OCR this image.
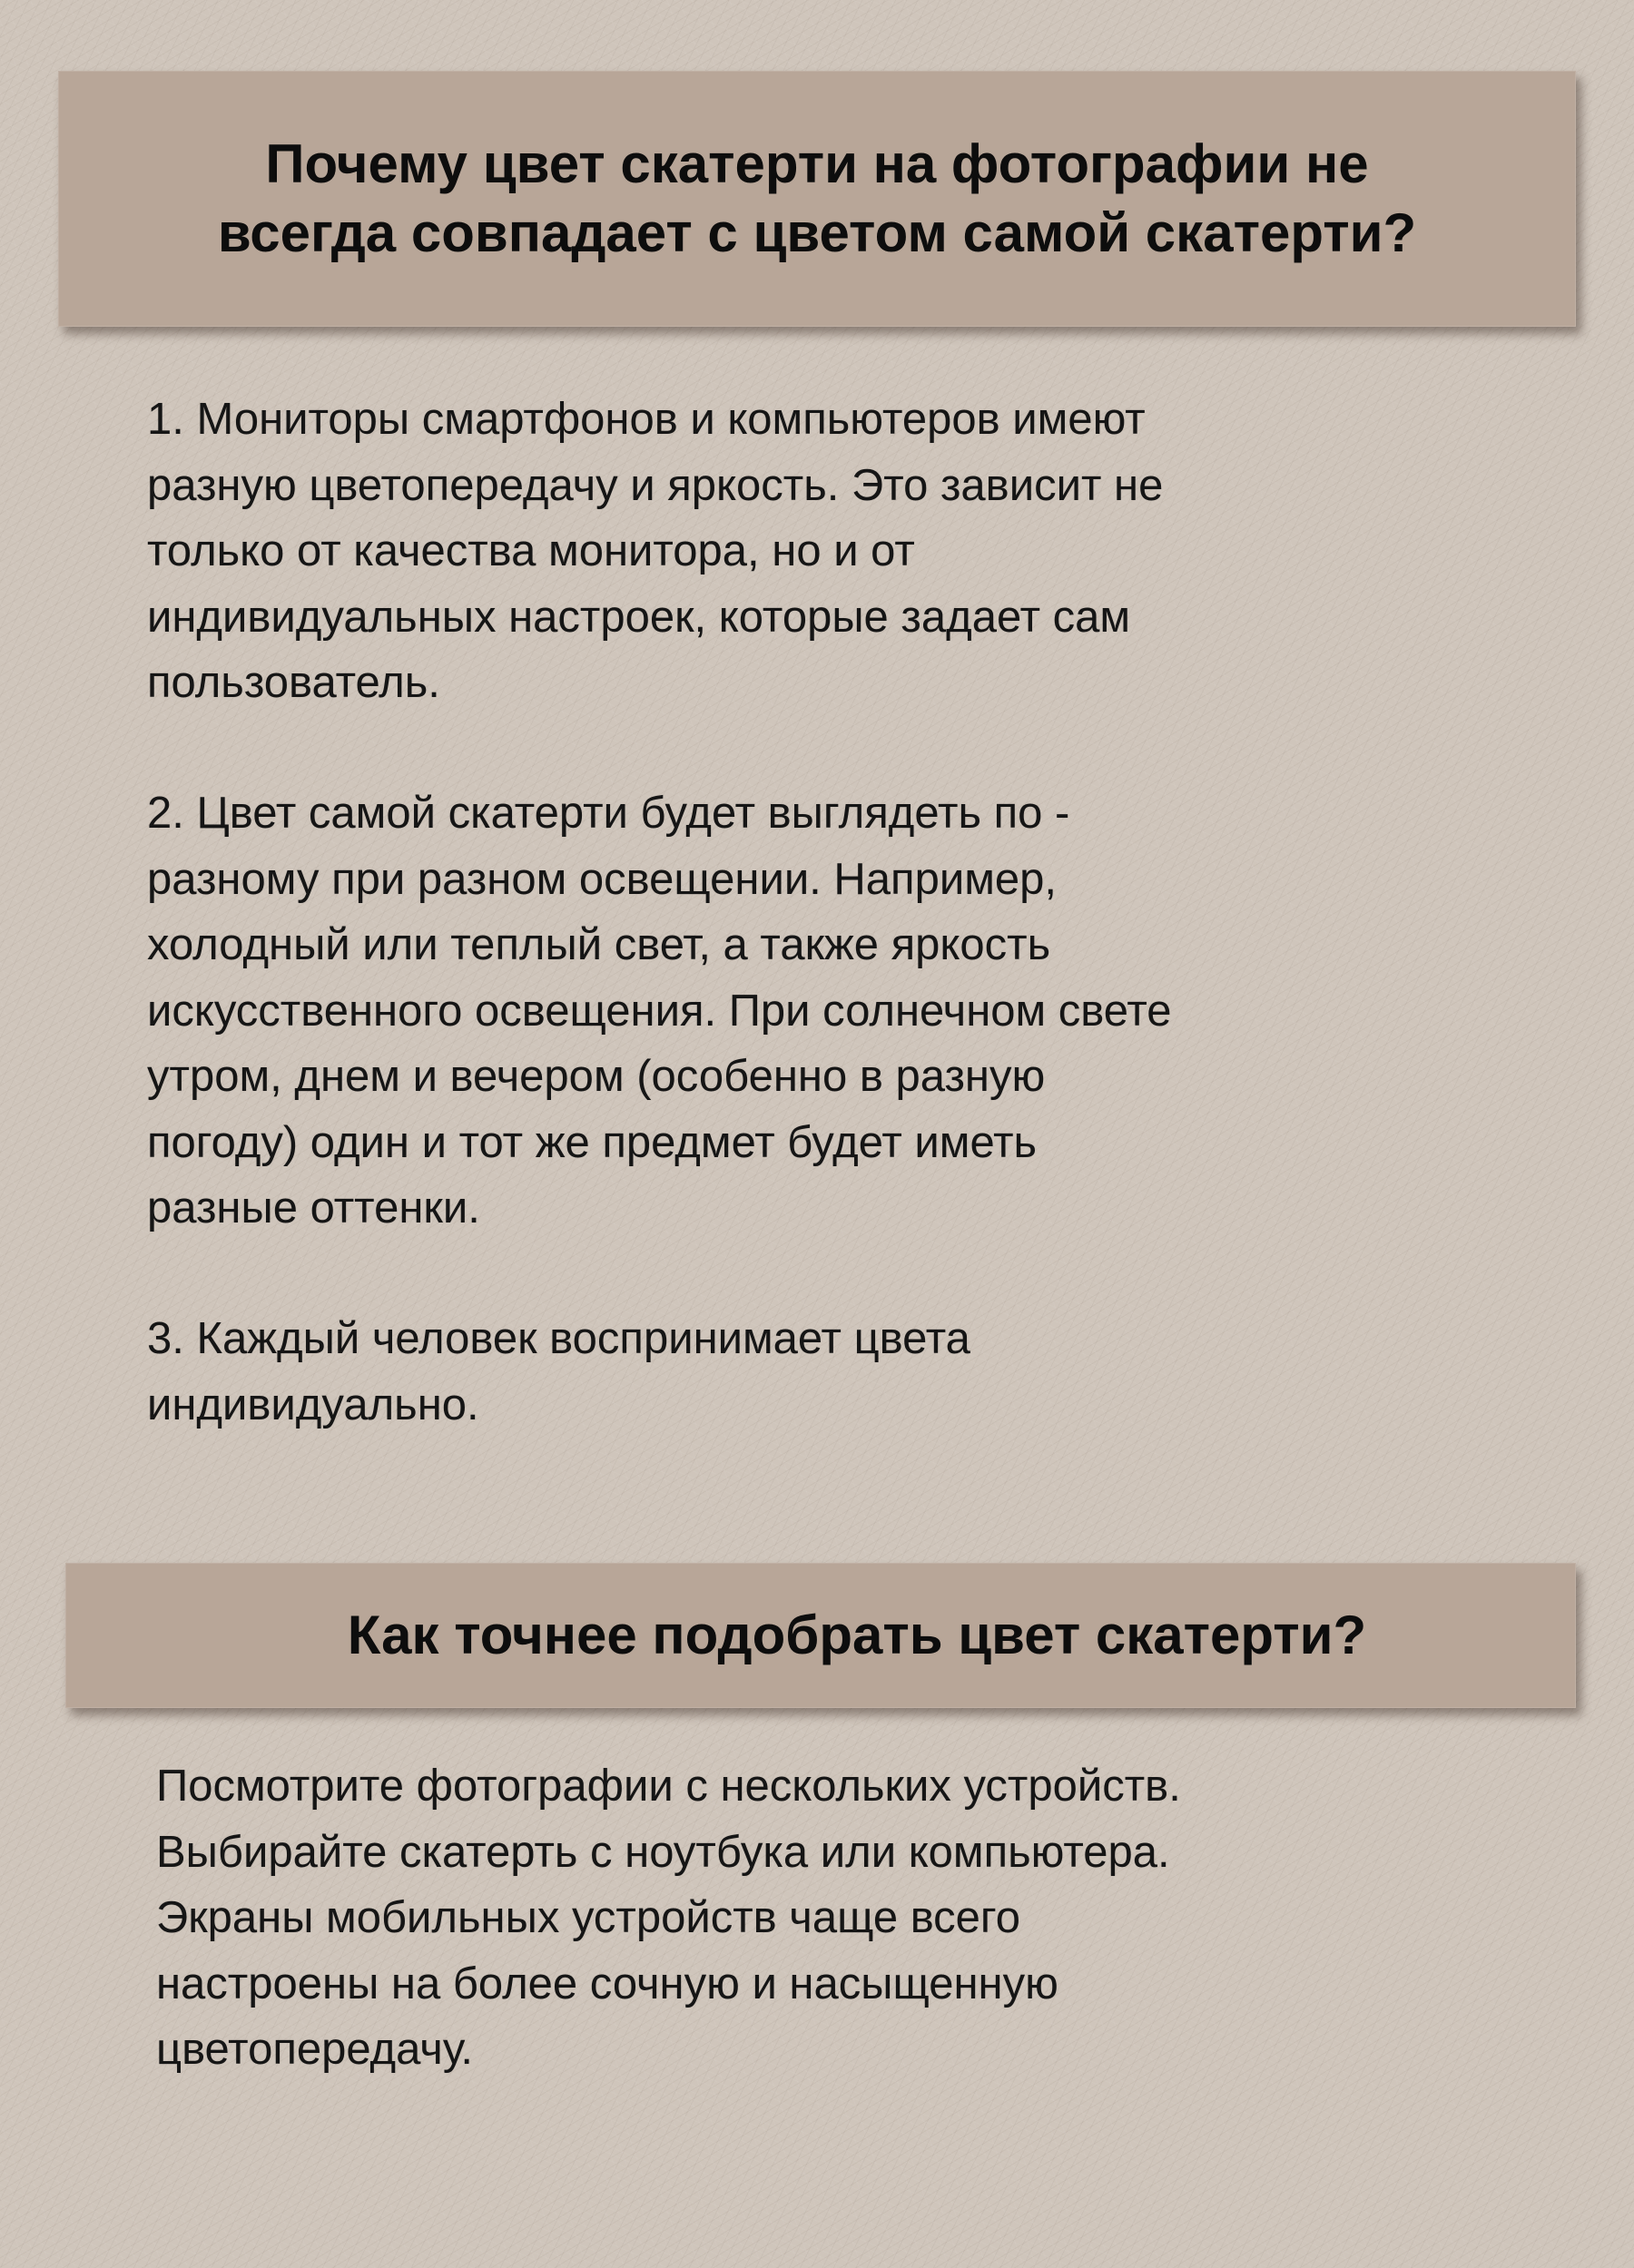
Почему цвет скатерти на фотографии не
всегда совпадает с цветом самой скатерти?

1. Мониторы смартфонов и компьютеров имеют
разную цветопередачу и яркость. Это зависит не
только от качества монитора, но и от
индивидуальных настроек, которые задает сам
пользователь.

2. Цвет самой скатерти будет выглядеть по -
разному при разном освещении. Например,
холодный или теплый свет, а также яркость
искусственного освещения. При солнечном свете
утром, днем и вечером (особенно в разную
погоду) один и тот же предмет будет иметь
разные оттенки.

3. Каждый человек воспринимает цвета
индивидуально.

Как точнее подобрать цвет скатерти?

Посмотрите фотографии с нескольких устройств.
Выбирайте скатерть с ноутбука или компьютера.
Экраны мобильных устройств чаще всего
настроены на более сочную и насыщенную
цветопередачу.
